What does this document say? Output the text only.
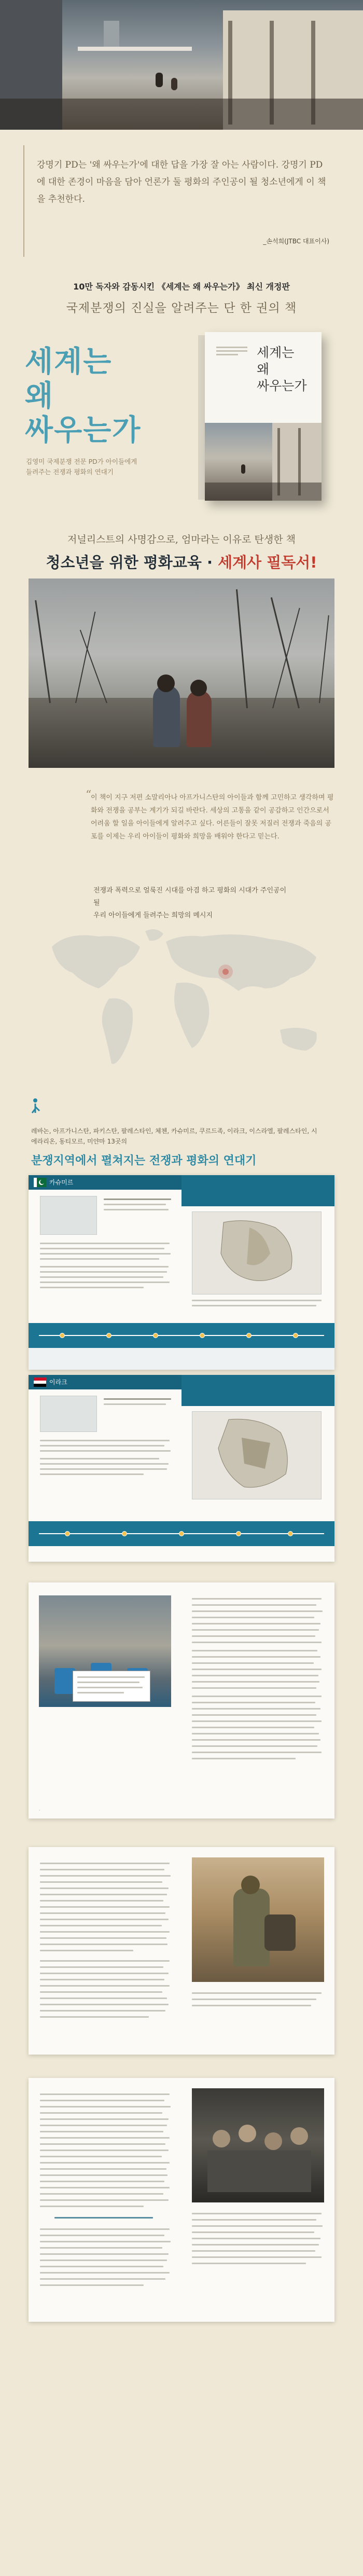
강명기 PD는 '왜 싸우는가'에 대한 답을 가장 잘 아는 사람이다. 강명기 PD에 대한 존경이 마음을 담아 언론가 둘 평화의 주인공이 될 청소년에게 이 책을 추천한다.
_손석희(JTBC 대표이사)
10만 독자와 감동시킨 《세계는 왜 싸우는가》 최신 개정판
국제분쟁의 진실을 알려주는 단 한 권의 책
세계는
왜
싸우는가
김영미 국제분쟁 전문 PD가 아이들에게
들려주는 전쟁과 평화의 연대기
세계는
왜
싸우는가
저널리스트의 사명감으로, 엄마라는 이유로 탄생한 책
청소년을 위한 평화교육 · 세계사 필독서!
“
이 책이 지구 저편 소말리아나 아프가니스탄의 아이들과 함께 고민하고 생각하며 평화와 전쟁을 공부는 계기가 되길 바란다. 세상의 고통을 같이 공감하고 인간으로서 어려움 할 일을 아이들에게 알려주고 싶다. 어른들이 잘못 저질러 전쟁과 죽음의 공포를 이제는 우리 아이들이 평화와 희망을 배워야 한다고 믿는다.
전쟁과 폭력으로 얼룩진 시대를 아겸 하고 평화의 시대가 주인공이 될
우리 아이들에게 들려주는 희망의 메시지
레바논, 아프가니스탄, 파키스탄, 팔레스타인, 체첸, 카슈미르, 쿠르드족, 이라크, 이스라엘, 팔레스타인, 시에라리온, 동티모르, 미얀마 13곳의
분쟁지역에서 펼쳐지는 전쟁과 평화의 연대기
카슈미르
이라크
·
